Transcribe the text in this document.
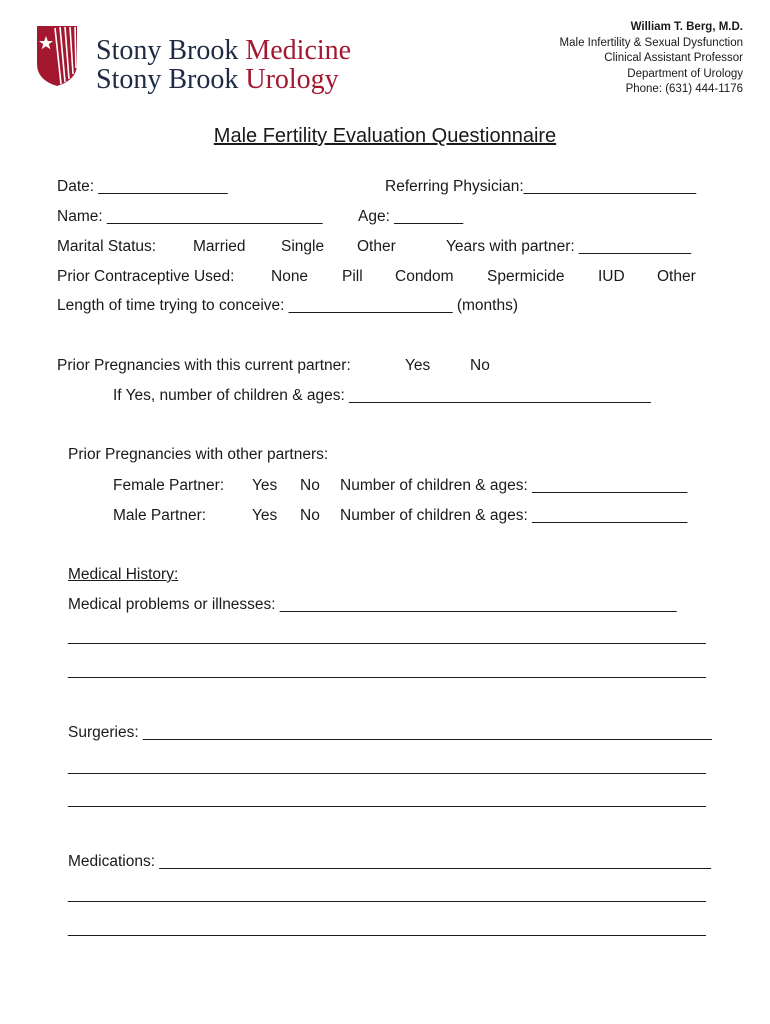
Stony Brook Medicine
Stony Brook Urology
William T. Berg, M.D.
Male Infertility & Sexual Dysfunction
Clinical Assistant Professor
Department of Urology
Phone: (631) 444-1176
Male Fertility Evaluation Questionnaire
Date: _______________	Referring Physician:____________________
Name: _________________________ Age: ________
Marital Status: Married Single Other	Years with partner: _____________
Prior Contraceptive Used: None Pill Condom Spermicide IUD Other
Length of time trying to conceive: ___________________ (months)
Prior Pregnancies with this current partner:	Yes	No
If Yes, number of children & ages: ___________________________________
Prior Pregnancies with other partners:
Female Partner: Yes No Number of children & ages: __________________
Male Partner:	Yes No Number of children & ages: __________________
Medical History:
Medical problems or illnesses: ______________________________________________
__________________________________________________________________________
__________________________________________________________________________
Surgeries: __________________________________________________________________
__________________________________________________________________________
__________________________________________________________________________
Medications: ________________________________________________________________
__________________________________________________________________________
__________________________________________________________________________
